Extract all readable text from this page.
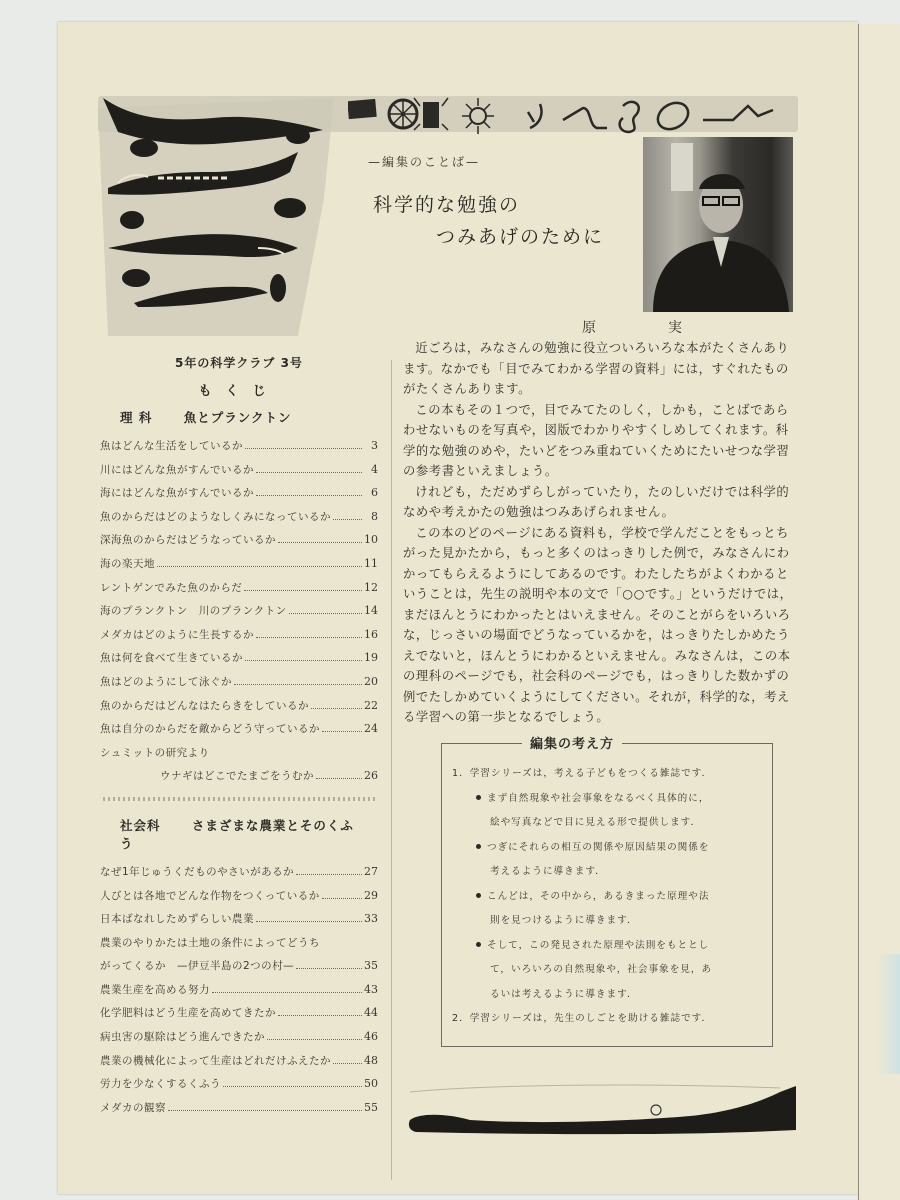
—編集のことば—
科学的な勉強の
つみあげのために
原	実
5年の科学クラブ 3号
もくじ
理 科	魚とプランクトン
魚はどんな生活をしているか	3
川にはどんな魚がすんでいるか	4
海にはどんな魚がすんでいるか	6
魚のからだはどのようなしくみになっているか	8
深海魚のからだはどうなっているか	10
海の楽天地	11
レントゲンでみた魚のからだ	12
海のプランクトン　川のプランクトン	14
メダカはどのように生長するか	16
魚は何を食べて生きているか	19
魚はどのようにして泳ぐか	20
魚のからだはどんなはたらきをしているか	22
魚は自分のからだを敵からどう守っているか	24
シュミットの研究より
ウナギはどこでたまごをうむか	26
社会科	さまざまな農業とそのくふう
なぜ1年じゅうくだものやさいがあるか	27
人びとは各地でどんな作物をつくっているか	29
日本ばなれしためずらしい農業	33
農業のやりかたは土地の条件によってどうち
がってくるか　—伊豆半島の2つの村—	35
農業生産を高める努力	43
化学肥料はどう生産を高めてきたか	44
病虫害の駆除はどう進んできたか	46
農業の機械化によって生産はどれだけふえたか	48
労力を少なくするくふう	50
メダカの観察	55

近ごろは，みなさんの勉強に役立ついろいろな本がたくさんあります。なかでも「目でみてわかる学習の資料」には，すぐれたものがたくさんあります。

この本もその１つで，目でみてたのしく，しかも，ことばであらわせないものを写真や，図版でわかりやすくしめしてくれます。科学的な勉強のめや，たいどをつみ重ねていくためにたいせつな学習の参考書といえましょう。

けれども，ただめずらしがっていたり，たのしいだけでは科学的なめや考えかたの勉強はつみあげられません。

この本のどのページにある資料も，学校で学んだことをもっとちがった見かたから，もっと多くのはっきりした例で，みなさんにわかってもらえるようにしてあるのです。わたしたちがよくわかるということは，先生の説明や本の文で「○○です。」というだけでは，まだほんとうにわかったとはいえません。そのことがらをいろいろな，じっさいの場面でどうなっているかを，はっきりたしかめたうえでないと，ほんとうにわかるといえません。みなさんは，この本の理科のページでも，社会科のページでも，はっきりした数かずの例でたしかめていくようにしてください。それが，科学的な，考える学習への第一歩となるでしょう。

編集の考え方
1．学習シリーズは，考える子どもをつくる雑誌です．
まず自然現象や社会事象をなるべく具体的に，
絵や写真などで目に見える形で提供します．
つぎにそれらの相互の関係や原因結果の関係を
考えるように導きます．
こんどは，その中から，あるきまった原理や法
則を見つけるように導きます．
そして，この発見された原理や法則をもととし
て，いろいろの自然現象や，社会事象を見，あ
るいは考えるように導きます．
2．学習シリーズは，先生のしごとを助ける雑誌です．
